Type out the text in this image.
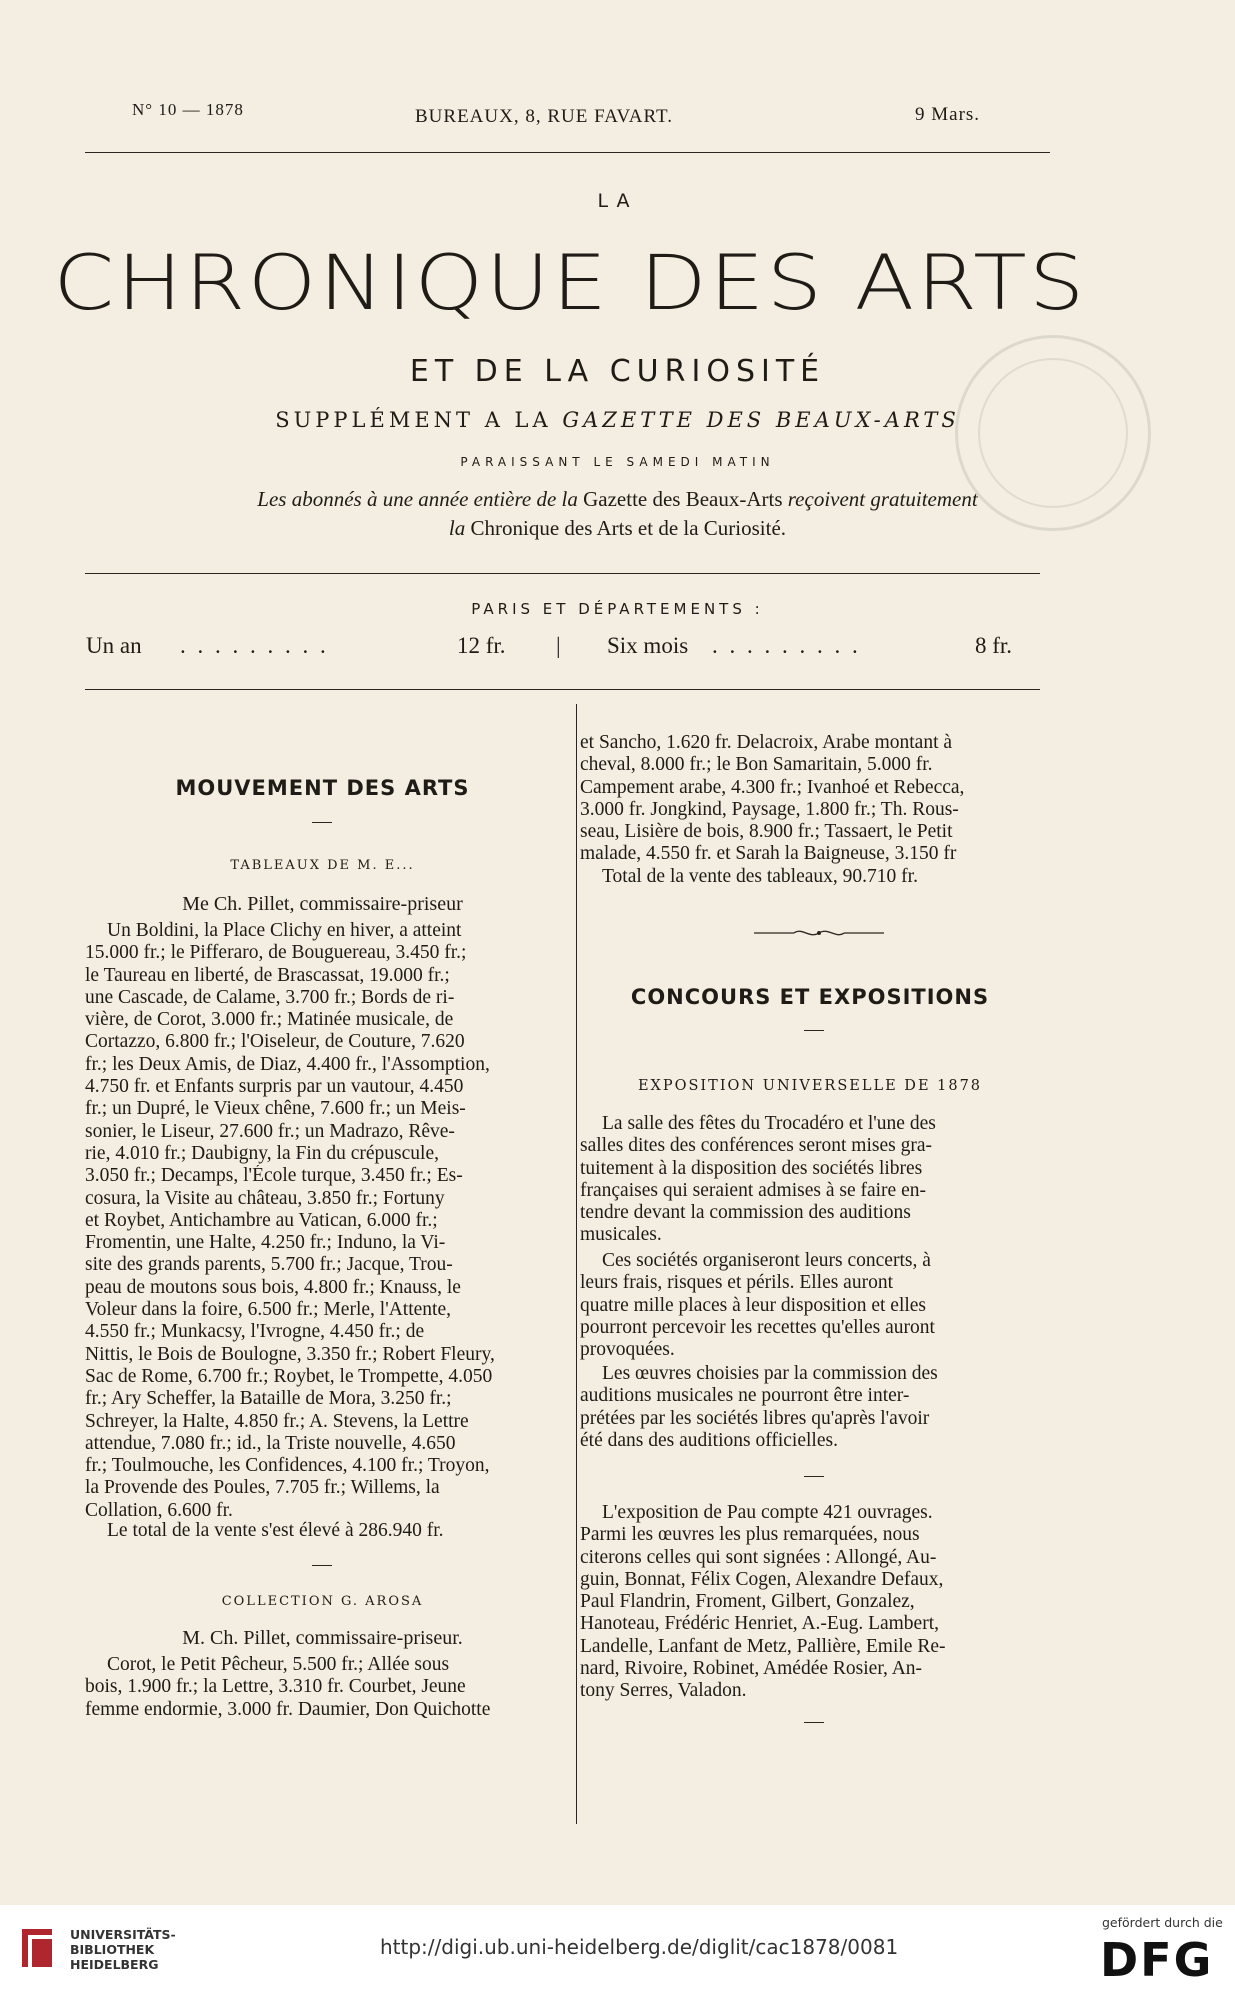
N° 10 — 1878	BUREAUX, 8, RUE FAVART.	9 Mars.
LA
CHRONIQUE DES ARTS
ET DE LA CURIOSITÉ
SUPPLÉMENT A LA GAZETTE DES BEAUX-ARTS
PARAISSANT LE SAMEDI MATIN
Les abonnés à une année entière de la Gazette des Beaux-Arts reçoivent gratuitement
la Chronique des Arts et de la Curiosité.
PARIS ET DÉPARTEMENTS :
Un an . . . . . . . . .	12 fr. | Six mois . . . . . . . . .	8 fr.
MOUVEMENT DES ARTS
TABLEAUX DE M. E...
Me Ch. Pillet, commissaire-priseur
Un Boldini, la Place Clichy en hiver, a atteint
15.000 fr.; le Pifferaro, de Bouguereau, 3.450 fr.;
le Taureau en liberté, de Brascassat, 19.000 fr.;
une Cascade, de Calame, 3.700 fr.; Bords de ri-
vière, de Corot, 3.000 fr.; Matinée musicale, de
Cortazzo, 6.800 fr.; l'Oiseleur, de Couture, 7.620
fr.; les Deux Amis, de Diaz, 4.400 fr., l'Assomption,
4.750 fr. et Enfants surpris par un vautour, 4.450
fr.; un Dupré, le Vieux chêne, 7.600 fr.; un Meis-
sonier, le Liseur, 27.600 fr.; un Madrazo, Rêve-
rie, 4.010 fr.; Daubigny, la Fin du crépuscule,
3.050 fr.; Decamps, l'École turque, 3.450 fr.; Es-
cosura, la Visite au château, 3.850 fr.; Fortuny
et Roybet, Antichambre au Vatican, 6.000 fr.;
Fromentin, une Halte, 4.250 fr.; Induno, la Vi-
site des grands parents, 5.700 fr.; Jacque, Trou-
peau de moutons sous bois, 4.800 fr.; Knauss, le
Voleur dans la foire, 6.500 fr.; Merle, l'Attente,
4.550 fr.; Munkacsy, l'Ivrogne, 4.450 fr.; de
Nittis, le Bois de Boulogne, 3.350 fr.; Robert Fleury,
Sac de Rome, 6.700 fr.; Roybet, le Trompette, 4.050
fr.; Ary Scheffer, la Bataille de Mora, 3.250 fr.;
Schreyer, la Halte, 4.850 fr.; A. Stevens, la Lettre
attendue, 7.080 fr.; id., la Triste nouvelle, 4.650
fr.; Toulmouche, les Confidences, 4.100 fr.; Troyon,
la Provende des Poules, 7.705 fr.; Willems, la
Collation, 6.600 fr.

Le total de la vente s'est élevé à 286.940 fr.

COLLECTION G. AROSA
M. Ch. Pillet, commissaire-priseur.
Corot, le Petit Pêcheur, 5.500 fr.; Allée sous
bois, 1.900 fr.; la Lettre, 3.310 fr. Courbet, Jeune
femme endormie, 3.000 fr. Daumier, Don Quichotte
et Sancho, 1.620 fr. Delacroix, Arabe montant à
cheval, 8.000 fr.; le Bon Samaritain, 5.000 fr.
Campement arabe, 4.300 fr.; Ivanhoé et Rebecca,
3.000 fr. Jongkind, Paysage, 1.800 fr.; Th. Rous-
seau, Lisière de bois, 8.900 fr.; Tassaert, le Petit
malade, 4.550 fr. et Sarah la Baigneuse, 3.150 fr

Total de la vente des tableaux, 90.710 fr.

CONCOURS ET EXPOSITIONS
EXPOSITION UNIVERSELLE DE 1878
La salle des fêtes du Trocadéro et l'une des
salles dites des conférences seront mises gra-
tuitement à la disposition des sociétés libres
françaises qui seraient admises à se faire en-
tendre devant la commission des auditions
musicales.
Ces sociétés organiseront leurs concerts, à
leurs frais, risques et périls. Elles auront
quatre mille places à leur disposition et elles
pourront percevoir les recettes qu'elles auront
provoquées.
Les œuvres choisies par la commission des
auditions musicales ne pourront être inter-
prétées par les sociétés libres qu'après l'avoir
été dans des auditions officielles.
L'exposition de Pau compte 421 ouvrages.
Parmi les œuvres les plus remarquées, nous
citerons celles qui sont signées : Allongé, Au-
guin, Bonnat, Félix Cogen, Alexandre Defaux,
Paul Flandrin, Froment, Gilbert, Gonzalez,
Hanoteau, Frédéric Henriet, A.-Eug. Lambert,
Landelle, Lanfant de Metz, Pallière, Emile Re-
nard, Rivoire, Robinet, Amédée Rosier, An-
tony Serres, Valadon.
UNIVERSITÄTS-
BIBLIOTHEK
HEIDELBERG
http://digi.ub.uni-heidelberg.de/diglit/cac1878/0081
gefördert durch die
DFG
